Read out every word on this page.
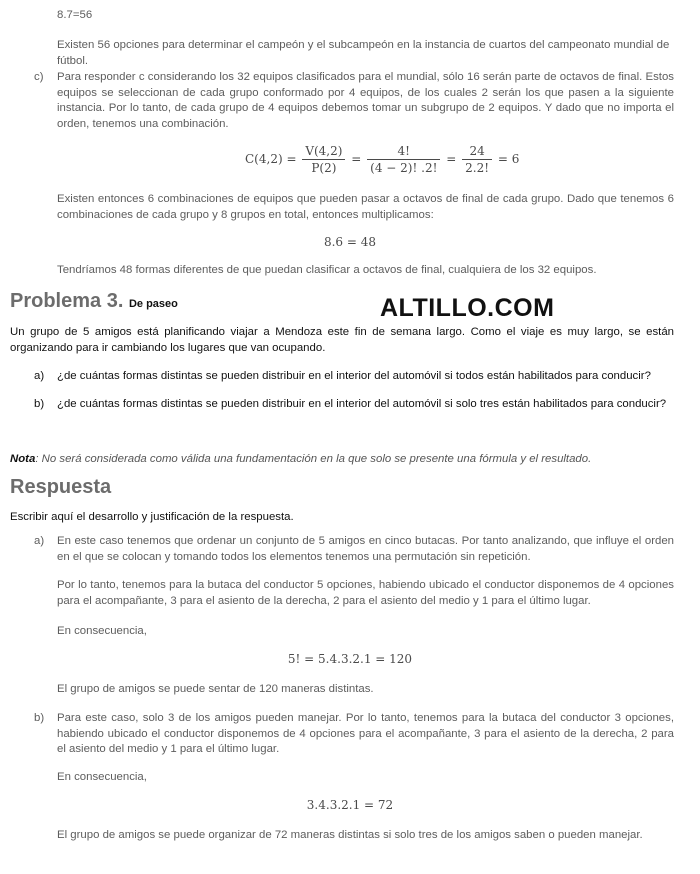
8.7=56
Existen 56 opciones para determinar el campeón y el subcampeón en la instancia de cuartos del campeonato mundial de fútbol.
c) Para responder c considerando los 32 equipos clasificados para el mundial, sólo 16 serán parte de octavos de final. Estos equipos se seleccionan de cada grupo conformado por 4 equipos, de los cuales 2 serán los que pasen a la siguiente instancia. Por lo tanto, de cada grupo de 4 equipos debemos tomar un subgrupo de 2 equipos. Y dado que no importa el orden, tenemos una combinación.
$C(4,2) = \frac{V(4,2)}{P(2)} = \frac{4!}{(4 - 2)! .2!} = \frac{24}{2.2!} = 6$
Existen entonces 6 combinaciones de equipos que pueden pasar a octavos de final de cada grupo. Dado que tenemos 6 combinaciones de cada grupo y 8 grupos en total, entonces multiplicamos:
8.6 = 48
Tendríamos 48 formas diferentes de que puedan clasificar a octavos de final, cualquiera de los 32 equipos.
Problema 3. De paseo	ALTILLO.COM
Un grupo de 5 amigos está planificando viajar a Mendoza este fin de semana largo. Como el viaje es muy largo, se están organizando para ir cambiando los lugares que van ocupando.
a) ¿de cuántas formas distintas se pueden distribuir en el interior del automóvil si todos están habilitados para conducir?
b) ¿de cuántas formas distintas se pueden distribuir en el interior del automóvil si solo tres están habilitados para conducir?
Nota: No será considerada como válida una fundamentación en la que solo se presente una fórmula y el resultado.
Respuesta
Escribir aquí el desarrollo y justificación de la respuesta.
a) En este caso tenemos que ordenar un conjunto de 5 amigos en cinco butacas. Por tanto analizando, que influye el orden en el que se colocan y tomando todos los elementos tenemos una permutación sin repetición.
Por lo tanto, tenemos para la butaca del conductor 5 opciones, habiendo ubicado el conductor disponemos de 4 opciones para el acompañante, 3 para el asiento de la derecha, 2 para el asiento del medio y 1 para el último lugar.
En consecuencia,
5! = 5.4.3.2.1 = 120
El grupo de amigos se puede sentar de 120 maneras distintas.
b) Para este caso, solo 3 de los amigos pueden manejar. Por lo tanto, tenemos para la butaca del conductor 3 opciones, habiendo ubicado el conductor disponemos de 4 opciones para el acompañante, 3 para el asiento de la derecha, 2 para el asiento del medio y 1 para el último lugar.
En consecuencia,
3.4.3.2.1 = 72
El grupo de amigos se puede organizar de 72 maneras distintas si solo tres de los amigos saben o pueden manejar.
